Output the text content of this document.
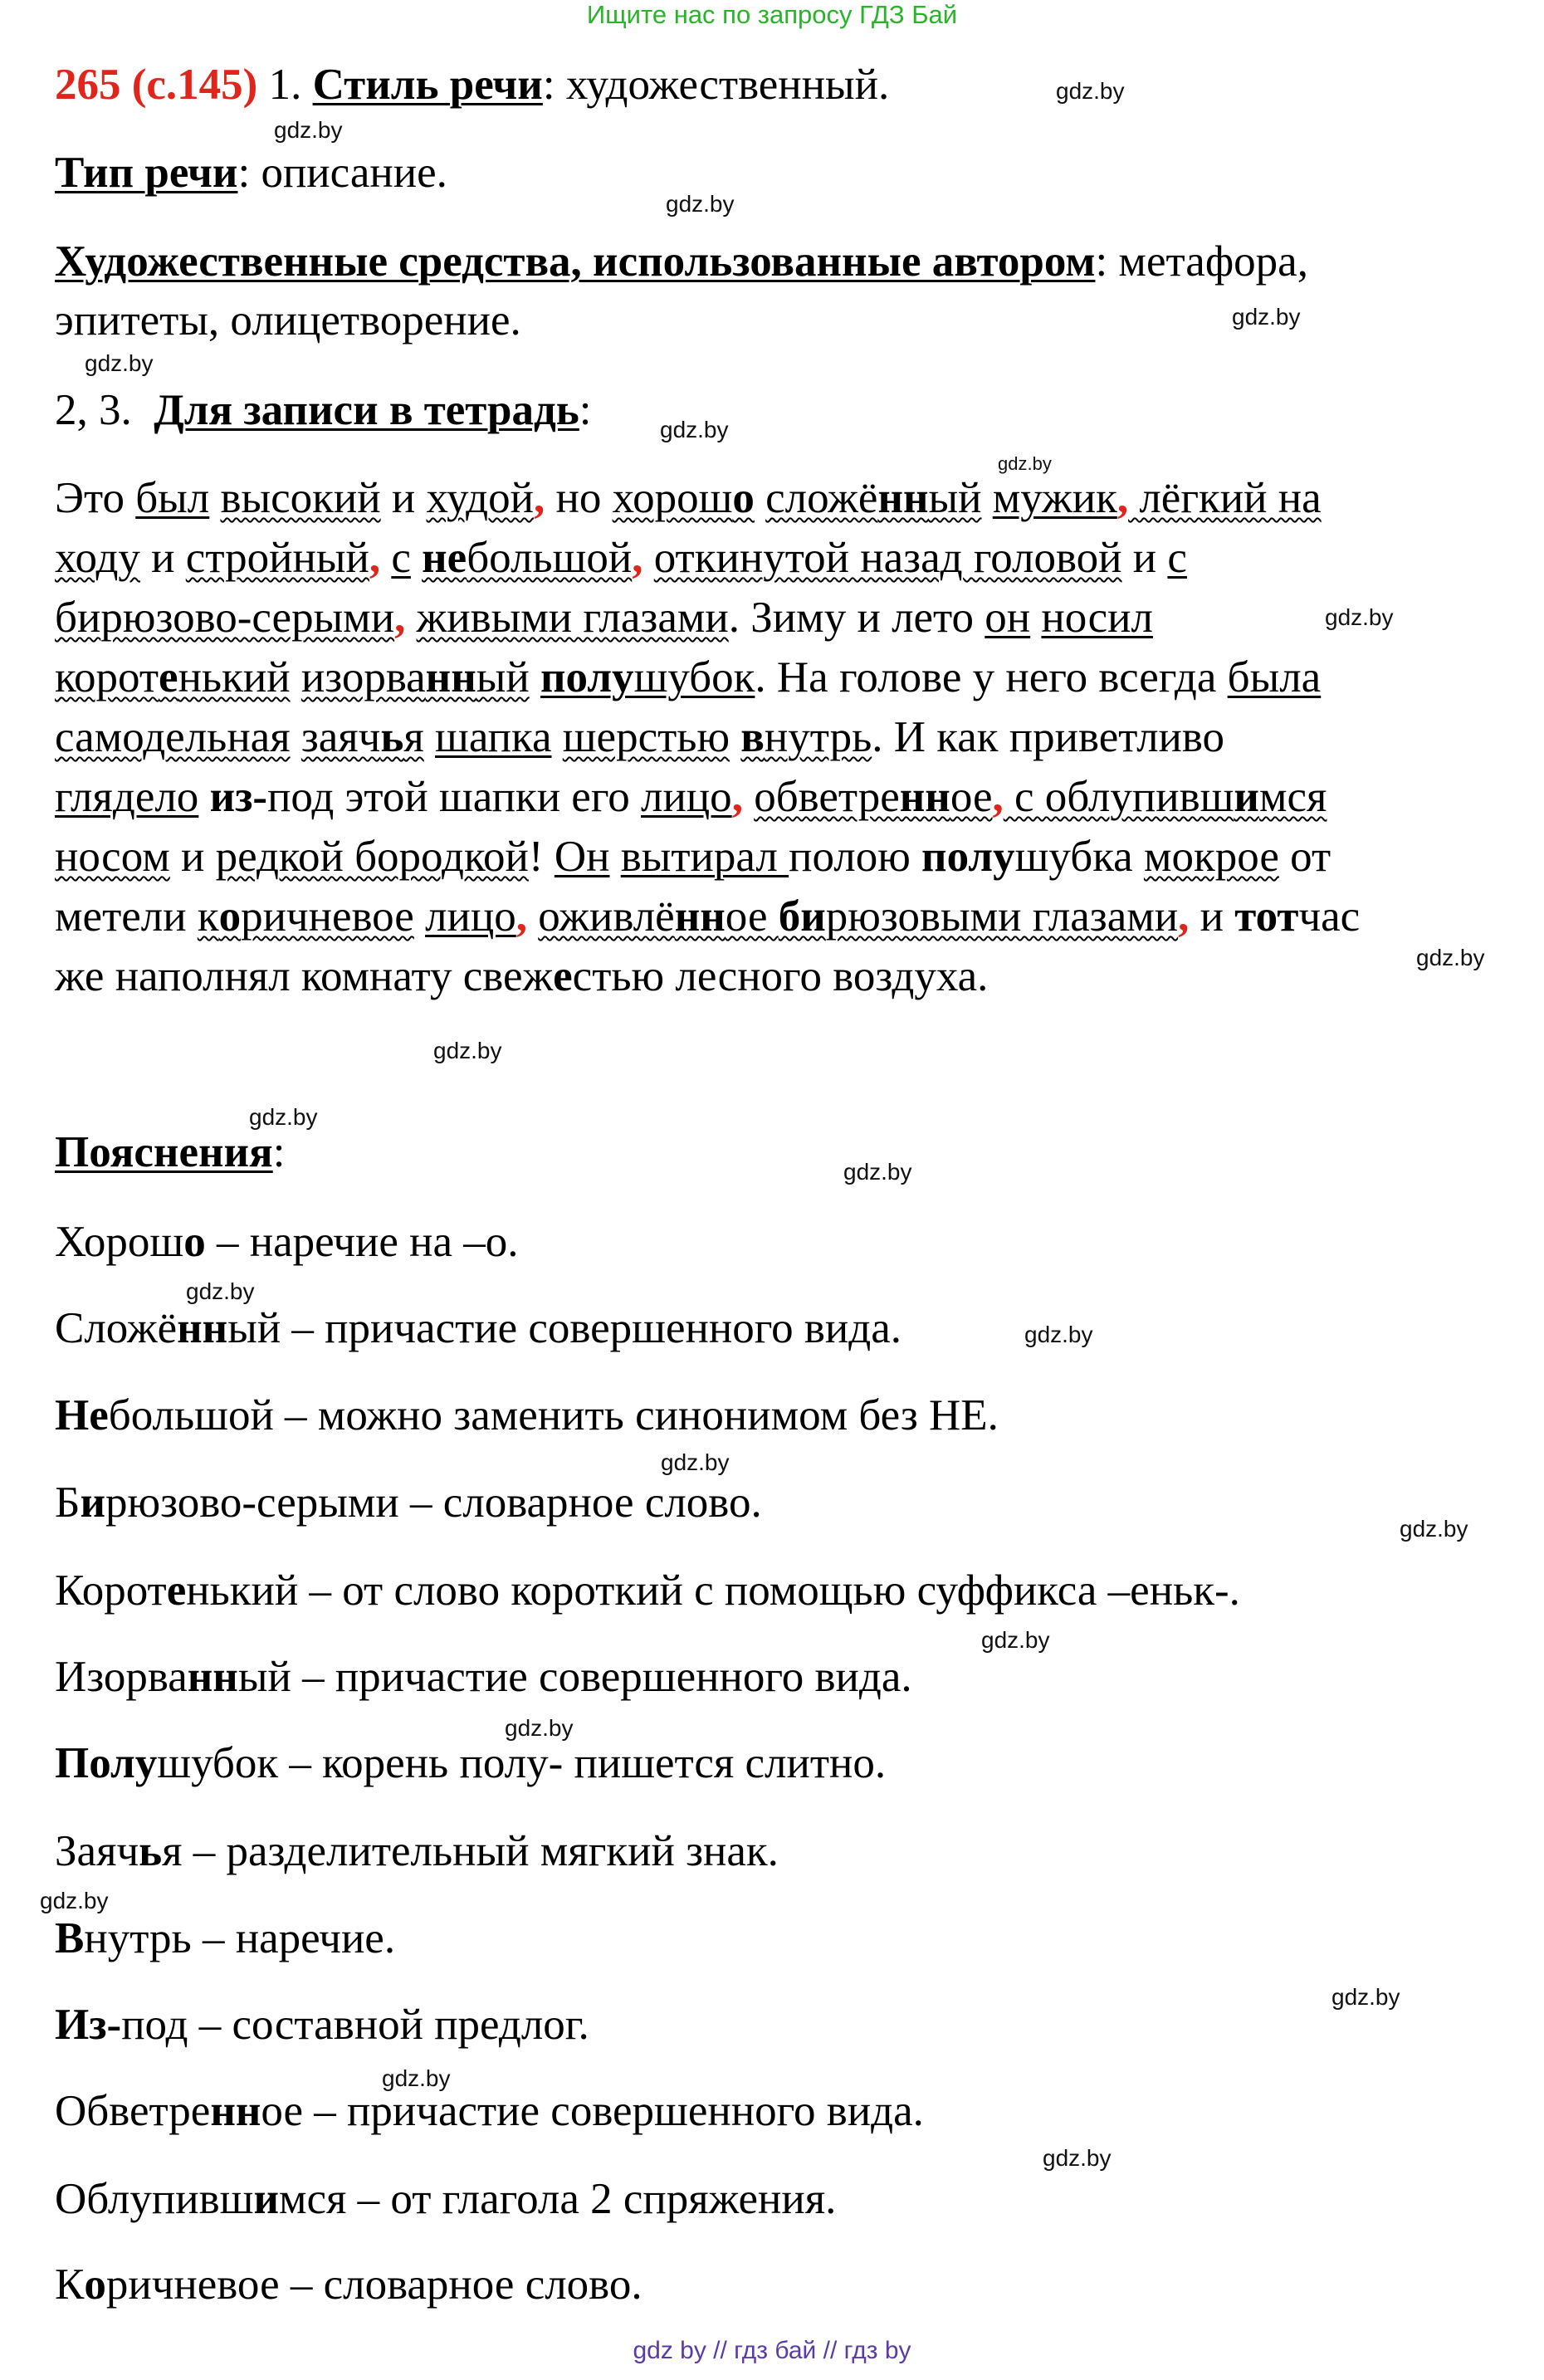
Ищите нас по запросу ГДЗ Бай
265 (с.145) 1. Стиль речи: художественный.
Тип речи: описание.
Художественные средства, использованные автором: метафора,
эпитеты, олицетворение.
2, 3. Для записи в тетрадь:
Это был высокий и худой, но хорошо сложённый мужик, лёгкий на
ходу и стройный, с небольшой, откинутой назад головой и с
бирюзово-серыми, живыми глазами. Зиму и лето он носил
коротенький изорванный полушубок. На голове у него всегда была
самодельная заячья шапка шерстью внутрь. И как приветливо
глядело из-под этой шапки его лицо, обветренное, с облупившимся
носом и редкой бородкой! Он вытирал полою полушубка мокрое от
метели коричневое лицо, оживлённое бирюзовыми глазами, и тотчас
же наполнял комнату свежестью лесного воздуха.
Пояснения:
Хорошо – наречие на –о.
Сложённый – причастие совершенного вида.
Небольшой – можно заменить синонимом без НЕ.
Бирюзово-серыми – словарное слово.
Коротенький – от слово короткий с помощью суффикса –еньк-.
Изорванный – причастие совершенного вида.
Полушубок – корень полу- пишется слитно.
Заячья – разделительный мягкий знак.
Внутрь – наречие.
Из-под – составной предлог.
Обветренное – причастие совершенного вида.
Облупившимся – от глагола 2 спряжения.
Коричневое – словарное слово.
gdz.by
gdz.by
gdz.by
gdz.by
gdz.by
gdz.by
gdz.by
gdz.by
gdz.by
gdz.by
gdz.by
gdz.by
gdz.by
gdz.by
gdz.by
gdz.by
gdz.by
gdz.by
gdz.by
gdz.by
gdz.by
gdz.by
gdz by // гдз бай // гдз by
